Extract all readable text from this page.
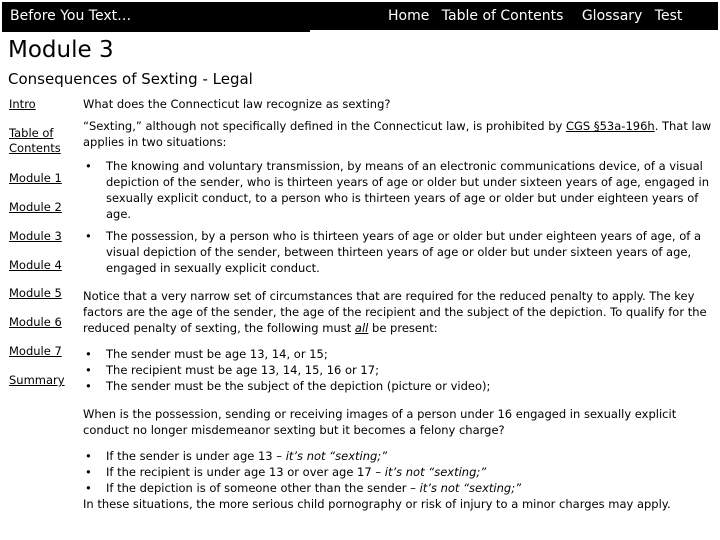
Before You Text…	Home Table of Contents Glossary Test
Module 3
Consequences of Sexting - Legal
Intro
Table of Contents
Module 1
Module 2
Module 3
Module 4
Module 5
Module 6
Module 7
Summary

What does the Connecticut law recognize as sexting?

“Sexting,” although not specifically defined in the Connecticut law, is prohibited by CGS §53a-196h. That law applies in two situations:

• The knowing and voluntary transmission, by means of an electronic communications device, of a visual depiction of the sender, who is thirteen years of age or older but under sixteen years of age, engaged in sexually explicit conduct, to a person who is thirteen years of age or older but under eighteen years of age.
• The possession, by a person who is thirteen years of age or older but under eighteen years of age, of a visual depiction of the sender, between thirteen years of age or older but under sixteen years of age, engaged in sexually explicit conduct.

Notice that a very narrow set of circumstances that are required for the reduced penalty to apply. The key factors are the age of the sender, the age of the recipient and the subject of the depiction. To qualify for the reduced penalty of sexting, the following must all be present:

• The sender must be age 13, 14, or 15;
• The recipient must be age 13, 14, 15, 16 or 17;
• The sender must be the subject of the depiction (picture or video);

When is the possession, sending or receiving images of a person under 16 engaged in sexually explicit conduct no longer misdemeanor sexting but it becomes a felony charge?

• If the sender is under age 13 – it’s not “sexting;”
• If the recipient is under age 13 or over age 17 – it’s not “sexting;”
• If the depiction is of someone other than the sender – it’s not “sexting;”

In these situations, the more serious child pornography or risk of injury to a minor charges may apply.
